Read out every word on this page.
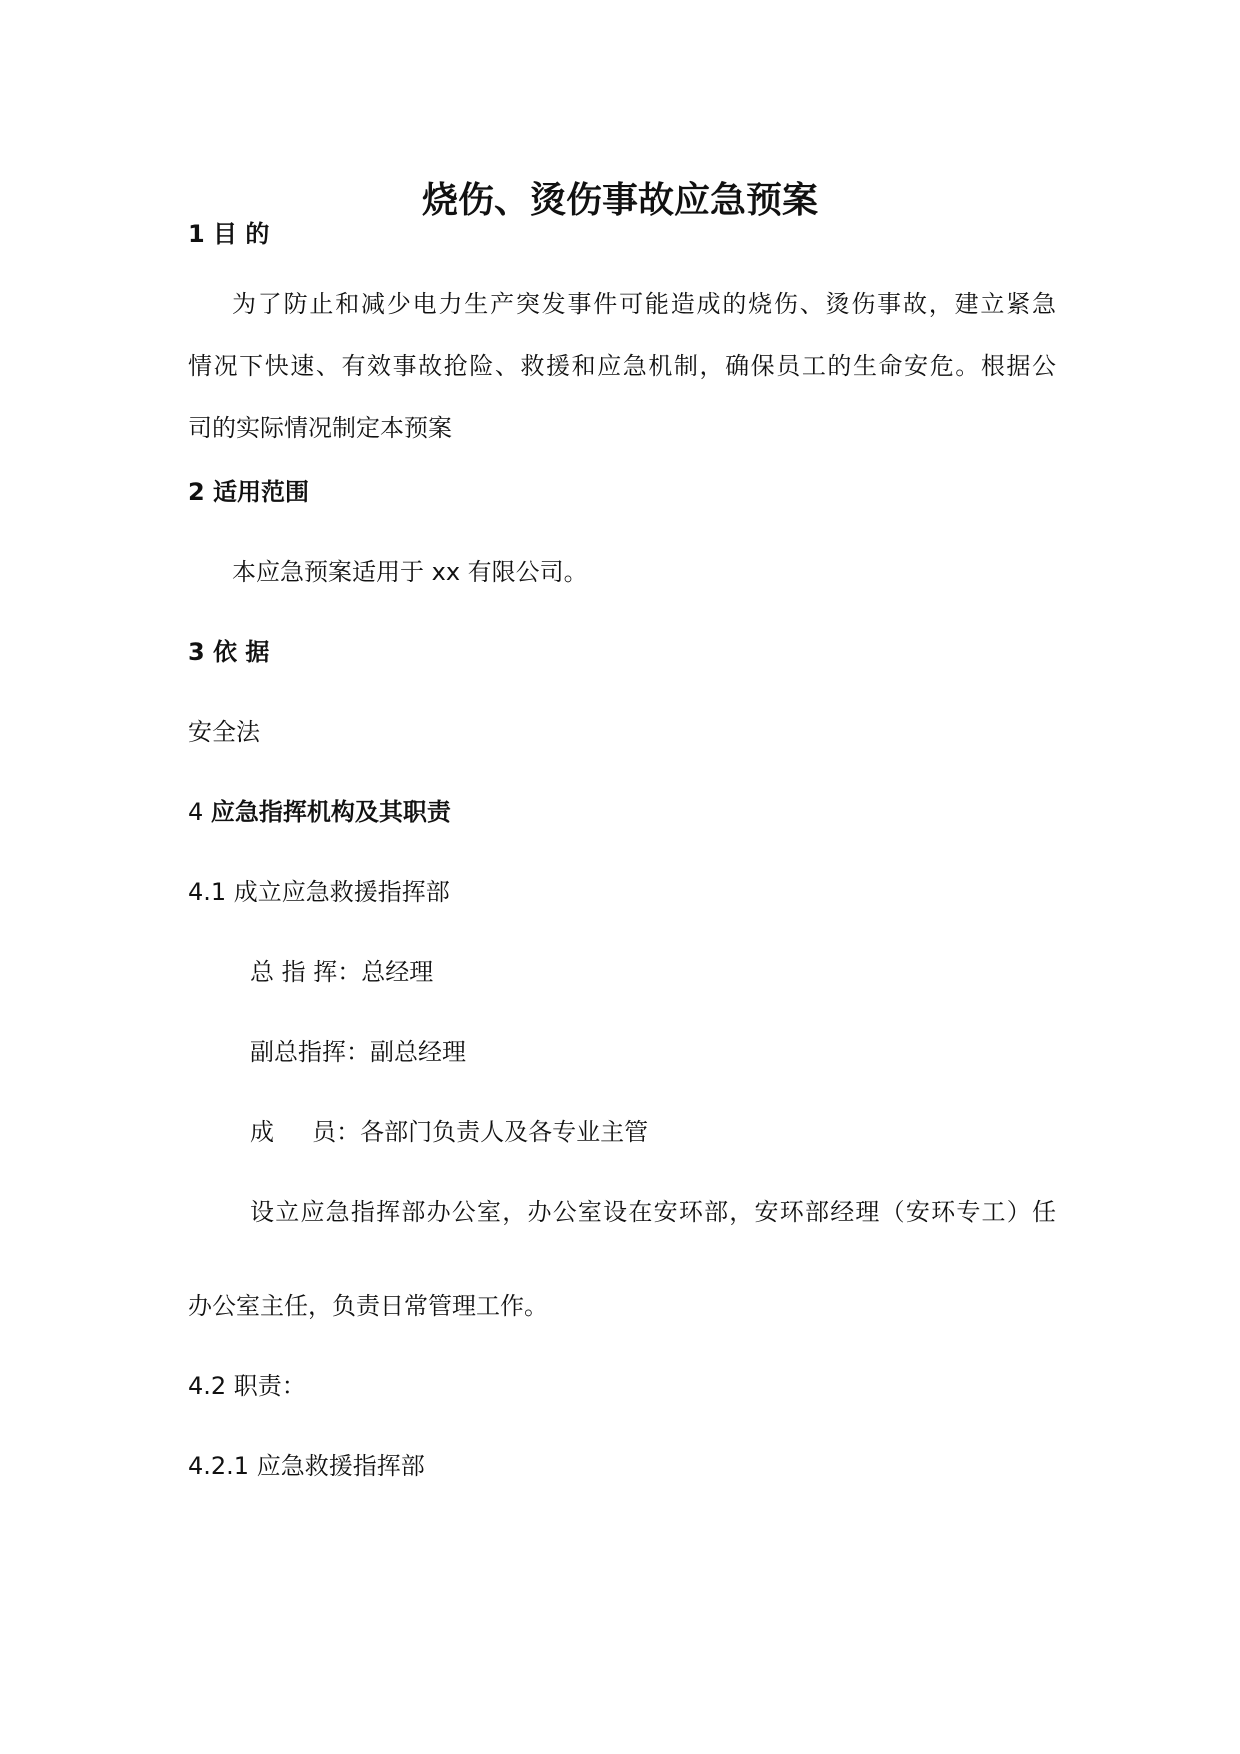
烧伤、烫伤事故应急预案
1 目 的
为了防止和减少电力生产突发事件可能造成的烧伤、烫伤事故，建立紧急
情况下快速、有效事故抢险、救援和应急机制，确保员工的生命安危。根据公
司的实际情况制定本预案
2 适用范围
本应急预案适用于 xx 有限公司。
3 依 据
安全法
4 应急指挥机构及其职责
4.1 成立应急救援指挥部
总 指 挥：总经理
副总指挥：副总经理
成     员：各部门负责人及各专业主管
设立应急指挥部办公室，办公室设在安环部，安环部经理（安环专工）任
办公室主任，负责日常管理工作。
4.2 职责：
4.2.1 应急救援指挥部
